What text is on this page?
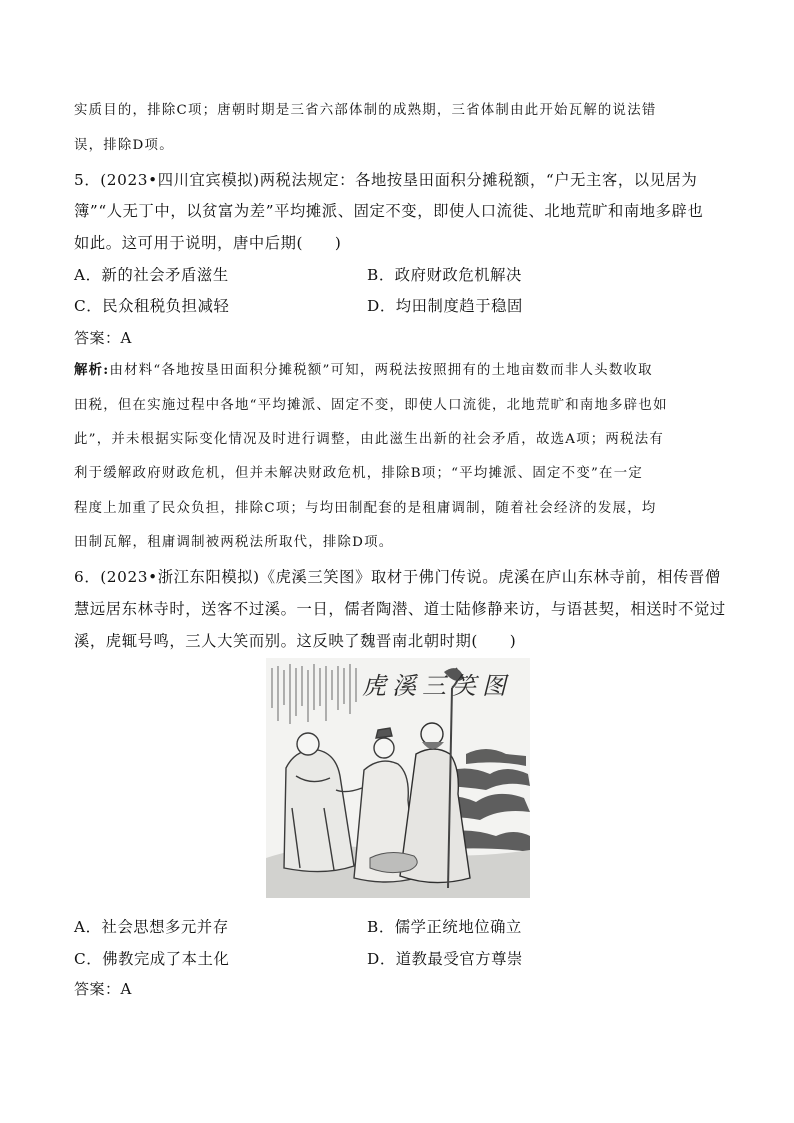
实质目的，排除C项；唐朝时期是三省六部体制的成熟期，三省体制由此开始瓦解的说法错
误，排除D项。
5．(2023•四川宜宾模拟)两税法规定：各地按垦田面积分摊税额，“户无主客，以见居为
簿”“人无丁中，以贫富为差”平均摊派、固定不变，即使人口流徙、北地荒旷和南地多辟也
如此。这可用于说明，唐中后期(　　)
A．新的社会矛盾滋生	B．政府财政危机解决
C．民众租税负担减轻	D．均田制度趋于稳固
答案：A
解析:由材料“各地按垦田面积分摊税额”可知，两税法按照拥有的土地亩数而非人头数收取
田税，但在实施过程中各地“平均摊派、固定不变，即使人口流徙，北地荒旷和南地多辟也如
此”，并未根据实际变化情况及时进行调整，由此滋生出新的社会矛盾，故选A项；两税法有
利于缓解政府财政危机，但并未解决财政危机，排除B项；“平均摊派、固定不变”在一定
程度上加重了民众负担，排除C项；与均田制配套的是租庸调制，随着社会经济的发展，均
田制瓦解，租庸调制被两税法所取代，排除D项。
6．(2023•浙江东阳模拟)《虎溪三笑图》取材于佛门传说。虎溪在庐山东林寺前，相传晋僧
慧远居东林寺时，送客不过溪。一日，儒者陶潜、道士陆修静来访，与语甚契，相送时不觉过
溪，虎辄号鸣，三人大笑而别。这反映了魏晋南北朝时期(　　)
虎溪三笑图
A．社会思想多元并存	B．儒学正统地位确立
C．佛教完成了本土化	D．道教最受官方尊崇
答案：A
